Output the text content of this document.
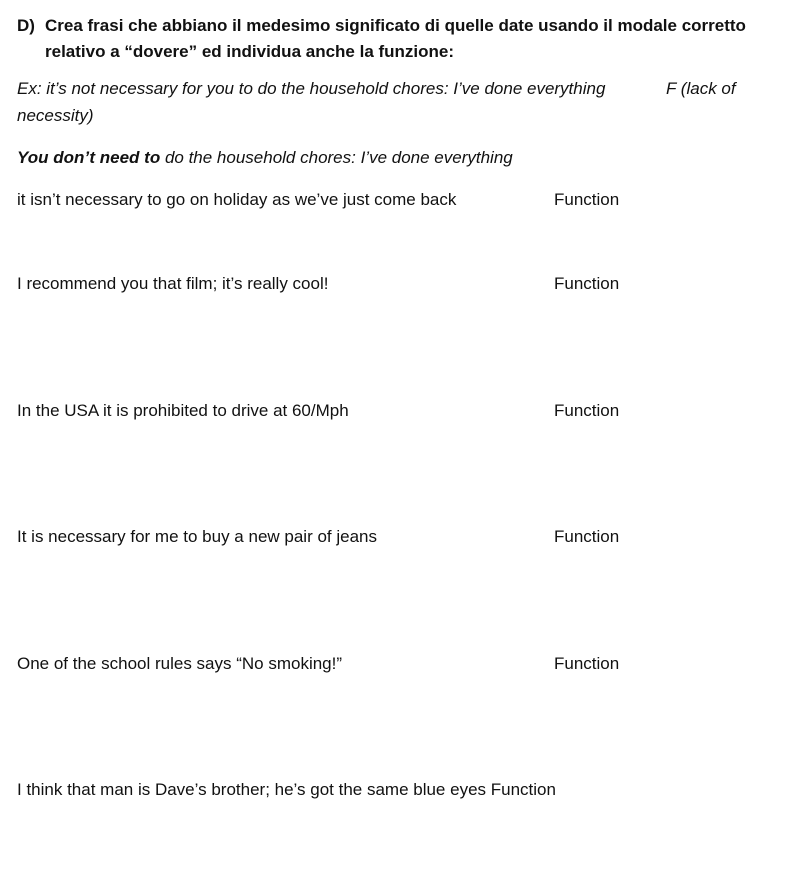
D) Crea frasi che abbiano il medesimo significato di quelle date usando il modale corretto
relativo a “dovere” ed individua anche la funzione:
Ex: it’s not necessary for you to do the household chores: I’ve done everything	F (lack of
necessity)
You don’t need to do the household chores: I’ve done everything
it isn’t necessary to go on holiday as we’ve just come back	Function
I recommend you that film; it’s really cool!	Function
In the USA it is prohibited to drive at 60/Mph	Function
It is necessary for me to buy a new pair of jeans	Function
One of the school rules says “No smoking!”	Function
I think that man is Dave’s brother; he’s got the same blue eyes Function
